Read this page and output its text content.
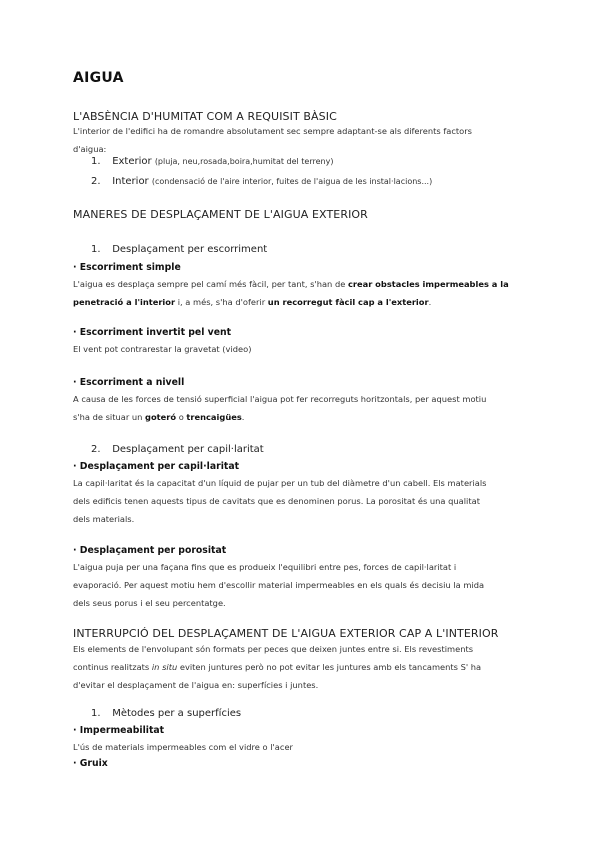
AIGUA
L'ABSÈNCIA D'HUMITAT COM A REQUISIT BÀSIC
L'interior de l'edifici ha de romandre absolutament sec sempre adaptant-se als diferents factors
d'aigua:
1. Exterior (pluja, neu,rosada,boira,humitat del terreny)
2. Interior (condensació de l'aire interior, fuites de l'aigua de les instal·lacions...)
MANERES DE DESPLAÇAMENT DE L'AIGUA EXTERIOR
1. Desplaçament per escorriment
· Escorriment simple
L'aigua es desplaça sempre pel camí més fàcil, per tant, s'han de crear obstacles impermeables a la
penetració a l'interior i, a més, s'ha d'oferir un recorregut fàcil cap a l'exterior.
· Escorriment invertit pel vent
El vent pot contrarestar la gravetat (video)
· Escorriment a nivell
A causa de les forces de tensió superficial l'aigua pot fer recorreguts horitzontals, per aquest motiu
s'ha de situar un goteró o trencaigües.
2. Desplaçament per capil·laritat
· Desplaçament per capil·laritat
La capil·laritat és la capacitat d'un líquid de pujar per un tub del diàmetre d'un cabell. Els materials
dels edificis tenen aquests tipus de cavitats que es denominen porus. La porositat és una qualitat
dels materials.
· Desplaçament per porositat
L'aigua puja per una façana fins que es produeix l'equilibri entre pes, forces de capil·laritat i
evaporació. Per aquest motiu hem d'escollir material impermeables en els quals és decisiu la mida
dels seus porus i el seu percentatge.
INTERRUPCIÓ DEL DESPLAÇAMENT DE L'AIGUA EXTERIOR CAP A L'INTERIOR
Els elements de l'envolupant són formats per peces que deixen juntes entre si. Els revestiments
continus realitzats in situ eviten juntures però no pot evitar les juntures amb els tancaments S' ha
d'evitar el desplaçament de l'aigua en: superfícies i juntes.
1. Mètodes per a superfícies
· Impermeabilitat
L'ús de materials impermeables com el vidre o l'acer
· Gruix
